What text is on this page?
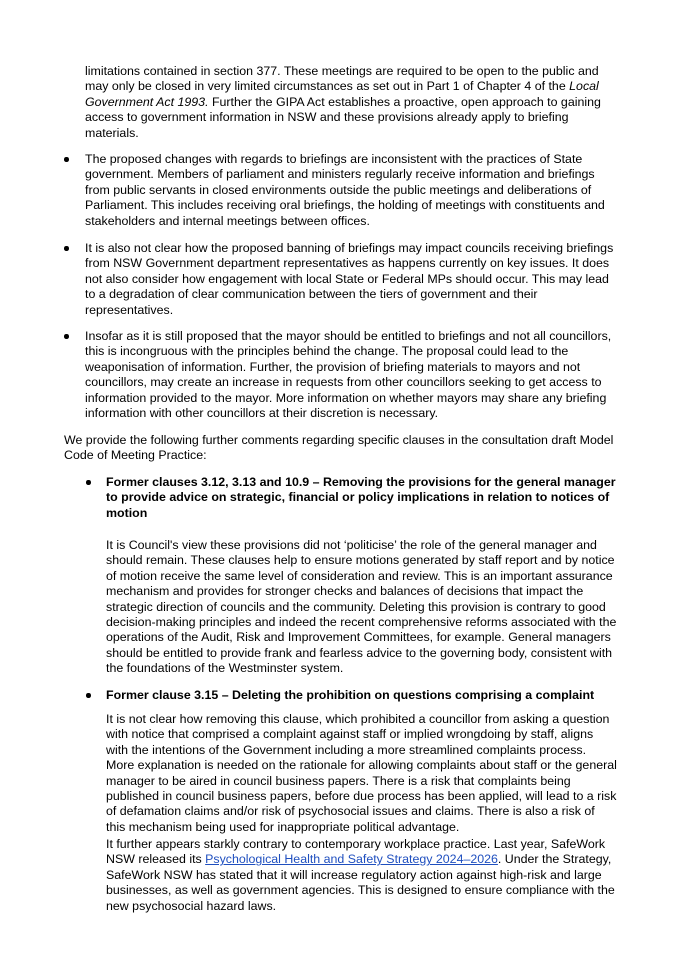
limitations contained in section 377. These meetings are required to be open to the public and may only be closed in very limited circumstances as set out in Part 1 of Chapter 4 of the Local Government Act 1993. Further the GIPA Act establishes a proactive, open approach to gaining access to government information in NSW and these provisions already apply to briefing materials.

The proposed changes with regards to briefings are inconsistent with the practices of State government. Members of parliament and ministers regularly receive information and briefings from public servants in closed environments outside the public meetings and deliberations of Parliament. This includes receiving oral briefings, the holding of meetings with constituents and stakeholders and internal meetings between offices.

It is also not clear how the proposed banning of briefings may impact councils receiving briefings from NSW Government department representatives as happens currently on key issues. It does not also consider how engagement with local State or Federal MPs should occur. This may lead to a degradation of clear communication between the tiers of government and their representatives.

Insofar as it is still proposed that the mayor should be entitled to briefings and not all councillors, this is incongruous with the principles behind the change. The proposal could lead to the weaponisation of information. Further, the provision of briefing materials to mayors and not councillors, may create an increase in requests from other councillors seeking to get access to information provided to the mayor. More information on whether mayors may share any briefing information with other councillors at their discretion is necessary.

We provide the following further comments regarding specific clauses in the consultation draft Model Code of Meeting Practice:

Former clauses 3.12, 3.13 and 10.9 – Removing the provisions for the general manager to provide advice on strategic, financial or policy implications in relation to notices of motion

It is Council's view these provisions did not ‘politicise’ the role of the general manager and should remain. These clauses help to ensure motions generated by staff report and by notice of motion receive the same level of consideration and review. This is an important assurance mechanism and provides for stronger checks and balances of decisions that impact the strategic direction of councils and the community. Deleting this provision is contrary to good decision-making principles and indeed the recent comprehensive reforms associated with the operations of the Audit, Risk and Improvement Committees, for example. General managers should be entitled to provide frank and fearless advice to the governing body, consistent with the foundations of the Westminster system.

Former clause 3.15 – Deleting the prohibition on questions comprising a complaint

It is not clear how removing this clause, which prohibited a councillor from asking a question with notice that comprised a complaint against staff or implied wrongdoing by staff, aligns with the intentions of the Government including a more streamlined complaints process. More explanation is needed on the rationale for allowing complaints about staff or the general manager to be aired in council business papers. There is a risk that complaints being published in council business papers, before due process has been applied, will lead to a risk of defamation claims and/or risk of psychosocial issues and claims. There is also a risk of this mechanism being used for inappropriate political advantage.

It further appears starkly contrary to contemporary workplace practice. Last year, SafeWork NSW released its Psychological Health and Safety Strategy 2024–2026. Under the Strategy, SafeWork NSW has stated that it will increase regulatory action against high-risk and large businesses, as well as government agencies. This is designed to ensure compliance with the new psychosocial hazard laws.
